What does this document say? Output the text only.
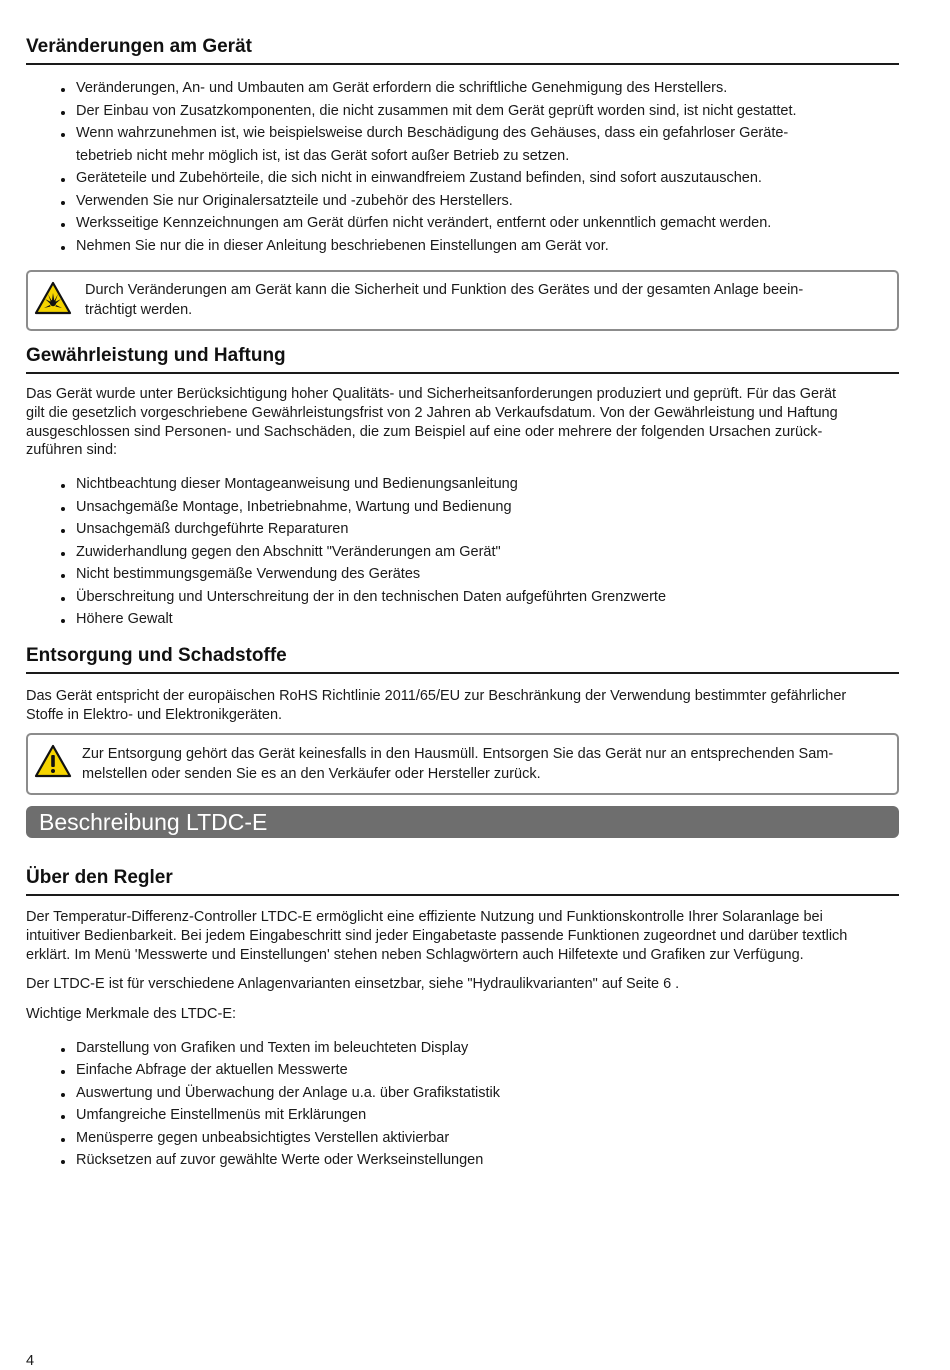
Veränderungen am Gerät
Veränderungen, An- und Umbauten am Gerät erfordern die schriftliche Genehmigung des Herstellers.
Der Einbau von Zusatzkomponenten, die nicht zusammen mit dem Gerät geprüft worden sind, ist nicht gestattet.
Wenn wahrzunehmen ist, wie beispielsweise durch Beschädigung des Gehäuses, dass ein gefahrloser Geräte-
tebetrieb nicht mehr möglich ist, ist das Gerät sofort außer Betrieb zu setzen.
Geräteteile und Zubehörteile, die sich nicht in einwandfreiem Zustand befinden, sind sofort auszutauschen.
Verwenden Sie nur Originalersatzteile und -zubehör des Herstellers.
Werksseitige Kennzeichnungen am Gerät dürfen nicht verändert, entfernt oder unkenntlich gemacht werden.
Nehmen Sie nur die in dieser Anleitung beschriebenen Einstellungen am Gerät vor.
Durch Veränderungen am Gerät kann die Sicherheit und Funktion des Gerätes und der gesamten Anlage beein-
trächtigt werden.
Gewährleistung und Haftung

Das Gerät wurde unter Berücksichtigung hoher Qualitäts- und Sicherheitsanforderungen produziert und geprüft. Für das Gerät

gilt die gesetzlich vorgeschriebene Gewährleistungsfrist von 2 Jahren ab Verkaufsdatum. Von der Gewährleistung und Haftung

ausgeschlossen sind Personen- und Sachschäden, die zum Beispiel auf eine oder mehrere der folgenden Ursachen zurück-

zuführen sind:

Nichtbeachtung dieser Montageanweisung und Bedienungsanleitung
Unsachgemäße Montage, Inbetriebnahme, Wartung und Bedienung
Unsachgemäß durchgeführte Reparaturen
Zuwiderhandlung gegen den Abschnitt "Veränderungen am Gerät"
Nicht bestimmungsgemäße Verwendung des Gerätes
Überschreitung und Unterschreitung der in den technischen Daten aufgeführten Grenzwerte
Höhere Gewalt
Entsorgung und Schadstoffe

Das Gerät entspricht der europäischen RoHS Richtlinie 2011/65/EU zur Beschränkung der Verwendung bestimmter gefährlicher

Stoffe in Elektro- und Elektronikgeräten.

Zur Entsorgung gehört das Gerät keinesfalls in den Hausmüll. Entsorgen Sie das Gerät nur an entsprechenden Sam-
melstellen oder senden Sie es an den Verkäufer oder Hersteller zurück.
Beschreibung LTDC-E
Über den Regler

Der Temperatur-Differenz-Controller LTDC-E ermöglicht eine effiziente Nutzung und Funktionskontrolle Ihrer Solaranlage bei

intuitiver Bedienbarkeit. Bei jedem Eingabeschritt sind jeder Eingabetaste passende Funktionen zugeordnet und darüber textlich

erklärt. Im Menü 'Messwerte und Einstellungen' stehen neben Schlagwörtern auch Hilfetexte und Grafiken zur Verfügung.

Der LTDC-E ist für verschiedene Anlagenvarianten einsetzbar, siehe "Hydraulikvarianten" auf Seite 6 .

Wichtige Merkmale des LTDC-E:

Darstellung von Grafiken und Texten im beleuchteten Display
Einfache Abfrage der aktuellen Messwerte
Auswertung und Überwachung der Anlage u.a. über Grafikstatistik
Umfangreiche Einstellmenüs mit Erklärungen
Menüsperre gegen unbeabsichtigtes Verstellen aktivierbar
Rücksetzen auf zuvor gewählte Werte oder Werkseinstellungen
4
